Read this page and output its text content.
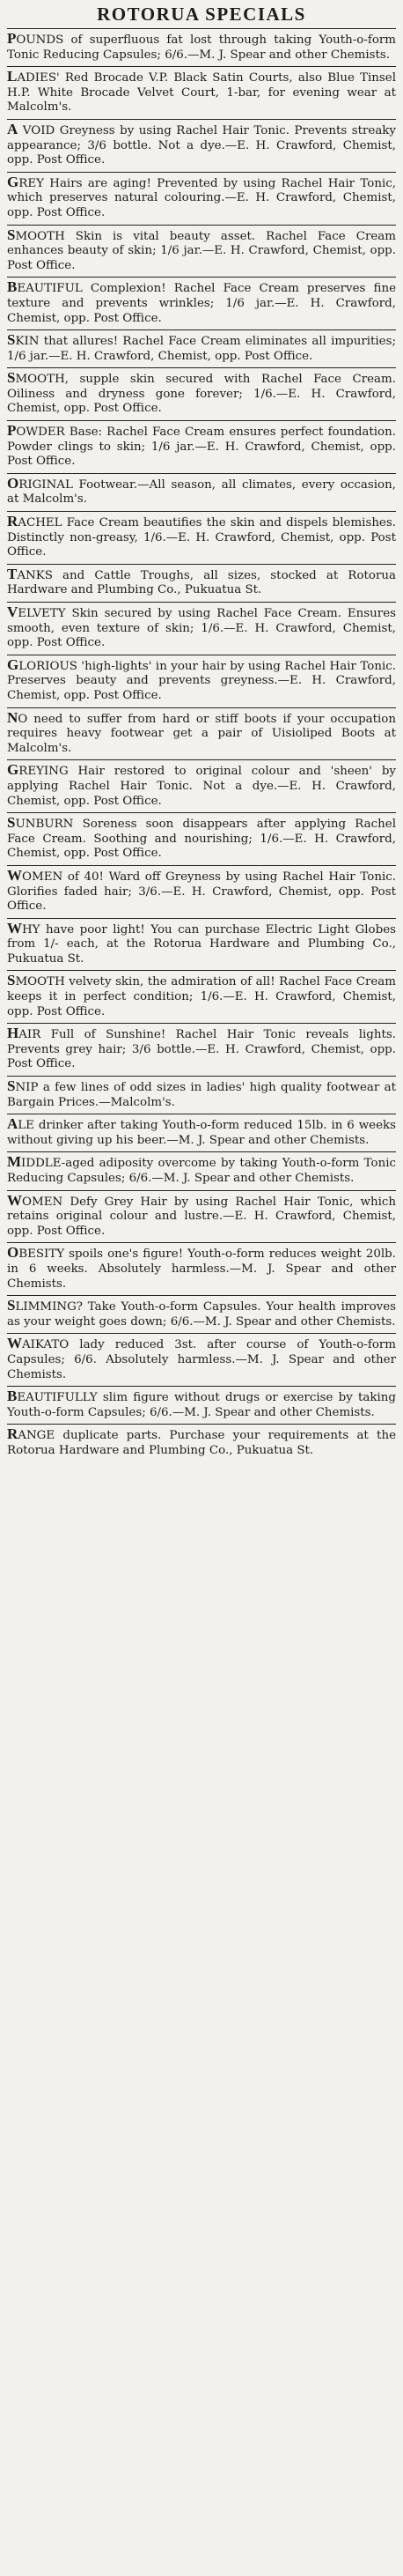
ROTORUA SPECIALS

POUNDS of superfluous fat lost through taking Youth-o-form Tonic Reducing Capsules; 6/6.—M. J. Spear and other Chemists.

LADIES' Red Brocade V.P. Black Satin Courts, also Blue Tinsel H.P. White Brocade Velvet Court, 1-bar, for evening wear at Malcolm's.

A VOID Greyness by using Rachel Hair Tonic. Prevents streaky appearance; 3/6 bottle. Not a dye.—E. H. Crawford, Chemist, opp. Post Office.

GREY Hairs are aging! Prevented by using Rachel Hair Tonic, which preserves natural colouring.—E. H. Crawford, Chemist, opp. Post Office.

SMOOTH Skin is vital beauty asset. Rachel Face Cream enhances beauty of skin; 1/6 jar.—E. H. Crawford, Chemist, opp. Post Office.

BEAUTIFUL Complexion! Rachel Face Cream preserves fine texture and prevents wrinkles; 1/6 jar.—E. H. Crawford, Chemist, opp. Post Office.

SKIN that allures! Rachel Face Cream eliminates all impurities; 1/6 jar.—E. H. Crawford, Chemist, opp. Post Office.

SMOOTH, supple skin secured with Rachel Face Cream. Oiliness and dryness gone forever; 1/6.—E. H. Crawford, Chemist, opp. Post Office.

POWDER Base: Rachel Face Cream ensures perfect foundation. Powder clings to skin; 1/6 jar.—E. H. Crawford, Chemist, opp. Post Office.

ORIGINAL Footwear.—All season, all climates, every occasion, at Malcolm's.

RACHEL Face Cream beautifies the skin and dispels blemishes. Distinctly non-greasy, 1/6.—E. H. Crawford, Chemist, opp. Post Office.

TANKS and Cattle Troughs, all sizes, stocked at Rotorua Hardware and Plumbing Co., Pukuatua St.

VELVETY Skin secured by using Rachel Face Cream. Ensures smooth, even texture of skin; 1/6.—E. H. Crawford, Chemist, opp. Post Office.

GLORIOUS 'high-lights' in your hair by using Rachel Hair Tonic. Preserves beauty and prevents greyness.—E. H. Crawford, Chemist, opp. Post Office.

NO need to suffer from hard or stiff boots if your occupation requires heavy footwear get a pair of Uisioliped Boots at Malcolm's.

GREYING Hair restored to original colour and 'sheen' by applying Rachel Hair Tonic. Not a dye.—E. H. Crawford, Chemist, opp. Post Office.

SUNBURN Soreness soon disappears after applying Rachel Face Cream. Soothing and nourishing; 1/6.—E. H. Crawford, Chemist, opp. Post Office.

WOMEN of 40! Ward off Greyness by using Rachel Hair Tonic. Glorifies faded hair; 3/6.—E. H. Crawford, Chemist, opp. Post Office.

WHY have poor light! You can purchase Electric Light Globes from 1/- each, at the Rotorua Hardware and Plumbing Co., Pukuatua St.

SMOOTH velvety skin, the admiration of all! Rachel Face Cream keeps it in perfect condition; 1/6.—E. H. Crawford, Chemist, opp. Post Office.

HAIR Full of Sunshine! Rachel Hair Tonic reveals lights. Prevents grey hair; 3/6 bottle.—E. H. Crawford, Chemist, opp. Post Office.

SNIP a few lines of odd sizes in ladies' high quality footwear at Bargain Prices.—Malcolm's.

ALE drinker after taking Youth-o-form reduced 15lb. in 6 weeks without giving up his beer.—M. J. Spear and other Chemists.

MIDDLE-aged adiposity overcome by taking Youth-o-form Tonic Reducing Capsules; 6/6.—M. J. Spear and other Chemists.

WOMEN Defy Grey Hair by using Rachel Hair Tonic, which retains original colour and lustre.—E. H. Crawford, Chemist, opp. Post Office.

OBESITY spoils one's figure! Youth-o-form reduces weight 20lb. in 6 weeks. Absolutely harmless.—M. J. Spear and other Chemists.

SLIMMING? Take Youth-o-form Capsules. Your health improves as your weight goes down; 6/6.—M. J. Spear and other Chemists.

WAIKATO lady reduced 3st. after course of Youth-o-form Capsules; 6/6. Absolutely harmless.—M. J. Spear and other Chemists.

BEAUTIFULLY slim figure without drugs or exercise by taking Youth-o-form Capsules; 6/6.—M. J. Spear and other Chemists.

RANGE duplicate parts. Purchase your requirements at the Rotorua Hardware and Plumbing Co., Pukuatua St.
